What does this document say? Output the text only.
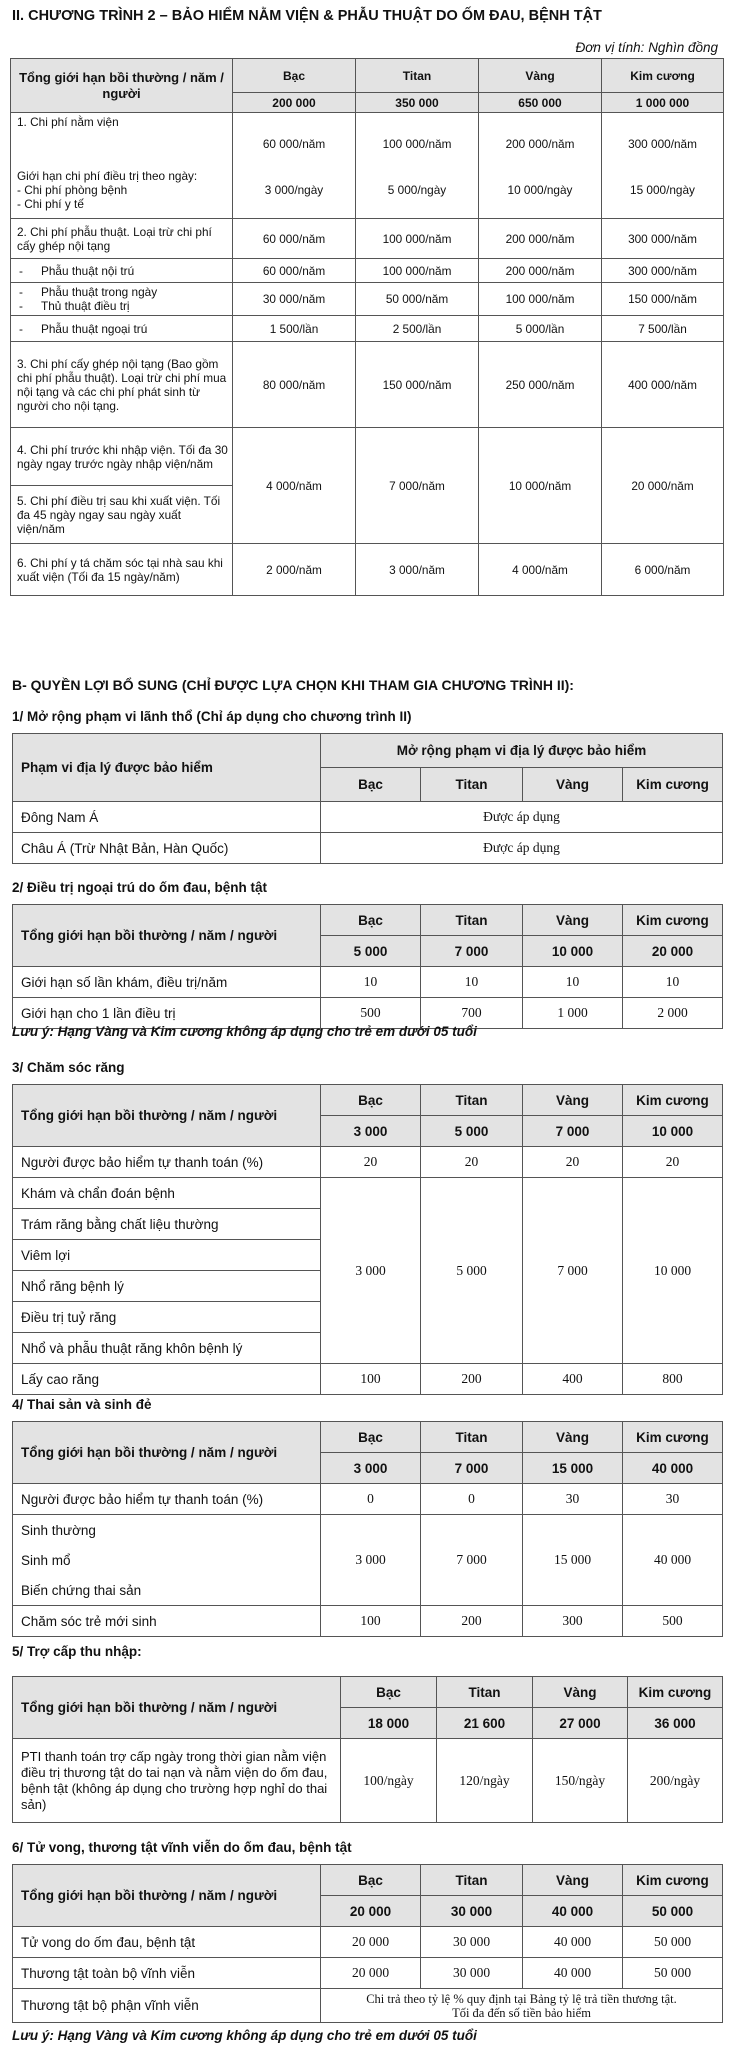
II. CHƯƠNG TRÌNH 2 – BẢO HIỂM NẰM VIỆN & PHẪU THUẬT DO ỐM ĐAU, BỆNH TẬT
Đơn vị tính: Nghìn đồng
Tổng giới hạn bồi thường / năm / người	Bạc	Titan	Vàng	Kim cương
	200 000	350 000	650 000	1 000 000
1. Chi phí nằm viện	60 000/năm	100 000/năm	200 000/năm	300 000/năm

Giới hạn chi phí điều trị theo ngày:
- Chi phí phòng bệnh
- Chi phí y tế	3 000/ngày	5 000/ngày	10 000/ngày	15 000/ngày
2. Chi phí phẫu thuật. Loại trừ chi phí cấy ghép nội tạng	60 000/năm	100 000/năm	200 000/năm	300 000/năm

- Phẫu thuật nội trú	60 000/năm	100 000/năm	200 000/năm	300 000/năm

- Phẫu thuật trong ngày
- Thủ thuật điều trị	30 000/năm	50 000/năm	100 000/năm	150 000/năm

- Phẫu thuật ngoại trú	1 500/lần	2 500/lần	5 000/lần	7 500/lần
3. Chi phí cấy ghép nội tạng (Bao gồm chi phí phẫu thuật). Loại trừ chi phí mua nội tạng và các chi phí phát sinh từ người cho nội tạng.	80 000/năm	150 000/năm	250 000/năm	400 000/năm
4. Chi phí trước khi nhập viện. Tối đa 30 ngày ngay trước ngày nhập viện/năm	4 000/năm	7 000/năm	10 000/năm	20 000/năm
5. Chi phí điều trị sau khi xuất viện. Tối đa 45 ngày ngay sau ngày xuất viện/năm				
6. Chi phí y tá chăm sóc tại nhà sau khi xuất viện (Tối đa 15 ngày/năm)	2 000/năm	3 000/năm	4 000/năm	6 000/năm
B- QUYỀN LỢI BỔ SUNG (CHỈ ĐƯỢC LỰA CHỌN KHI THAM GIA CHƯƠNG TRÌNH II):
1/ Mở rộng phạm vi lãnh thổ (Chỉ áp dụng cho chương trình II)
Phạm vi địa lý được bảo hiểm	Mở rộng phạm vi địa lý được bảo hiểm			
	Bạc	Titan	Vàng	Kim cương
Đông Nam Á	Được áp dụng			
Châu Á (Trừ Nhật Bản, Hàn Quốc)	Được áp dụng			
2/ Điều trị ngoại trú do ốm đau, bệnh tật
Tổng giới hạn bồi thường / năm / người	Bạc	Titan	Vàng	Kim cương
	5 000	7 000	10 000	20 000
Giới hạn số lần khám, điều trị/năm	10	10	10	10
Giới hạn cho 1 lần điều trị	500	700	1 000	2 000
Lưu ý: Hạng Vàng và Kim cương không áp dụng cho trẻ em dưới 05 tuổi
3/ Chăm sóc răng
Tổng giới hạn bồi thường / năm / người	Bạc	Titan	Vàng	Kim cương
	3 000	5 000	7 000	10 000
Người được bảo hiểm tự thanh toán (%)	20	20	20	20
Khám và chẩn đoán bệnh	3 000	5 000	7 000	10 000
Trám răng bằng chất liệu thường				
Viêm lợi				
Nhổ răng bệnh lý				
Điều trị tuỷ răng				
Nhổ và phẫu thuật răng khôn bệnh lý				
Lấy cao răng	100	200	400	800
4/ Thai sản và sinh đẻ
Tổng giới hạn bồi thường / năm / người	Bạc	Titan	Vàng	Kim cương
	3 000	7 000	15 000	40 000
Người được bảo hiểm tự thanh toán (%)	0	0	30	30
Sinh thường	3 000	7 000	15 000	40 000
Sinh mổ				
Biến chứng thai sản				
Chăm sóc trẻ mới sinh	100	200	300	500
5/ Trợ cấp thu nhập:
Tổng giới hạn bồi thường / năm / người	Bạc	Titan	Vàng	Kim cương
	18 000	21 600	27 000	36 000
PTI thanh toán trợ cấp ngày trong thời gian nằm viện điều trị thương tật do tai nạn và nằm viện do ốm đau, bệnh tật (không áp dụng cho trường hợp nghỉ do thai sản)	100/ngày	120/ngày	150/ngày	200/ngày
6/ Tử vong, thương tật vĩnh viễn do ốm đau, bệnh tật
Tổng giới hạn bồi thường / năm / người	Bạc	Titan	Vàng	Kim cương
	20 000	30 000	40 000	50 000
Tử vong do ốm đau, bệnh tật	20 000	30 000	40 000	50 000
Thương tật toàn bộ vĩnh viễn	20 000	30 000	40 000	50 000
Thương tật bộ phận vĩnh viễn	Chi trả theo tỷ lệ % quy định tại Bảng tỷ lệ trả tiền thương tật.
Tối đa đến số tiền bảo hiểm			
Lưu ý: Hạng Vàng và Kim cương không áp dụng cho trẻ em dưới 05 tuổi
